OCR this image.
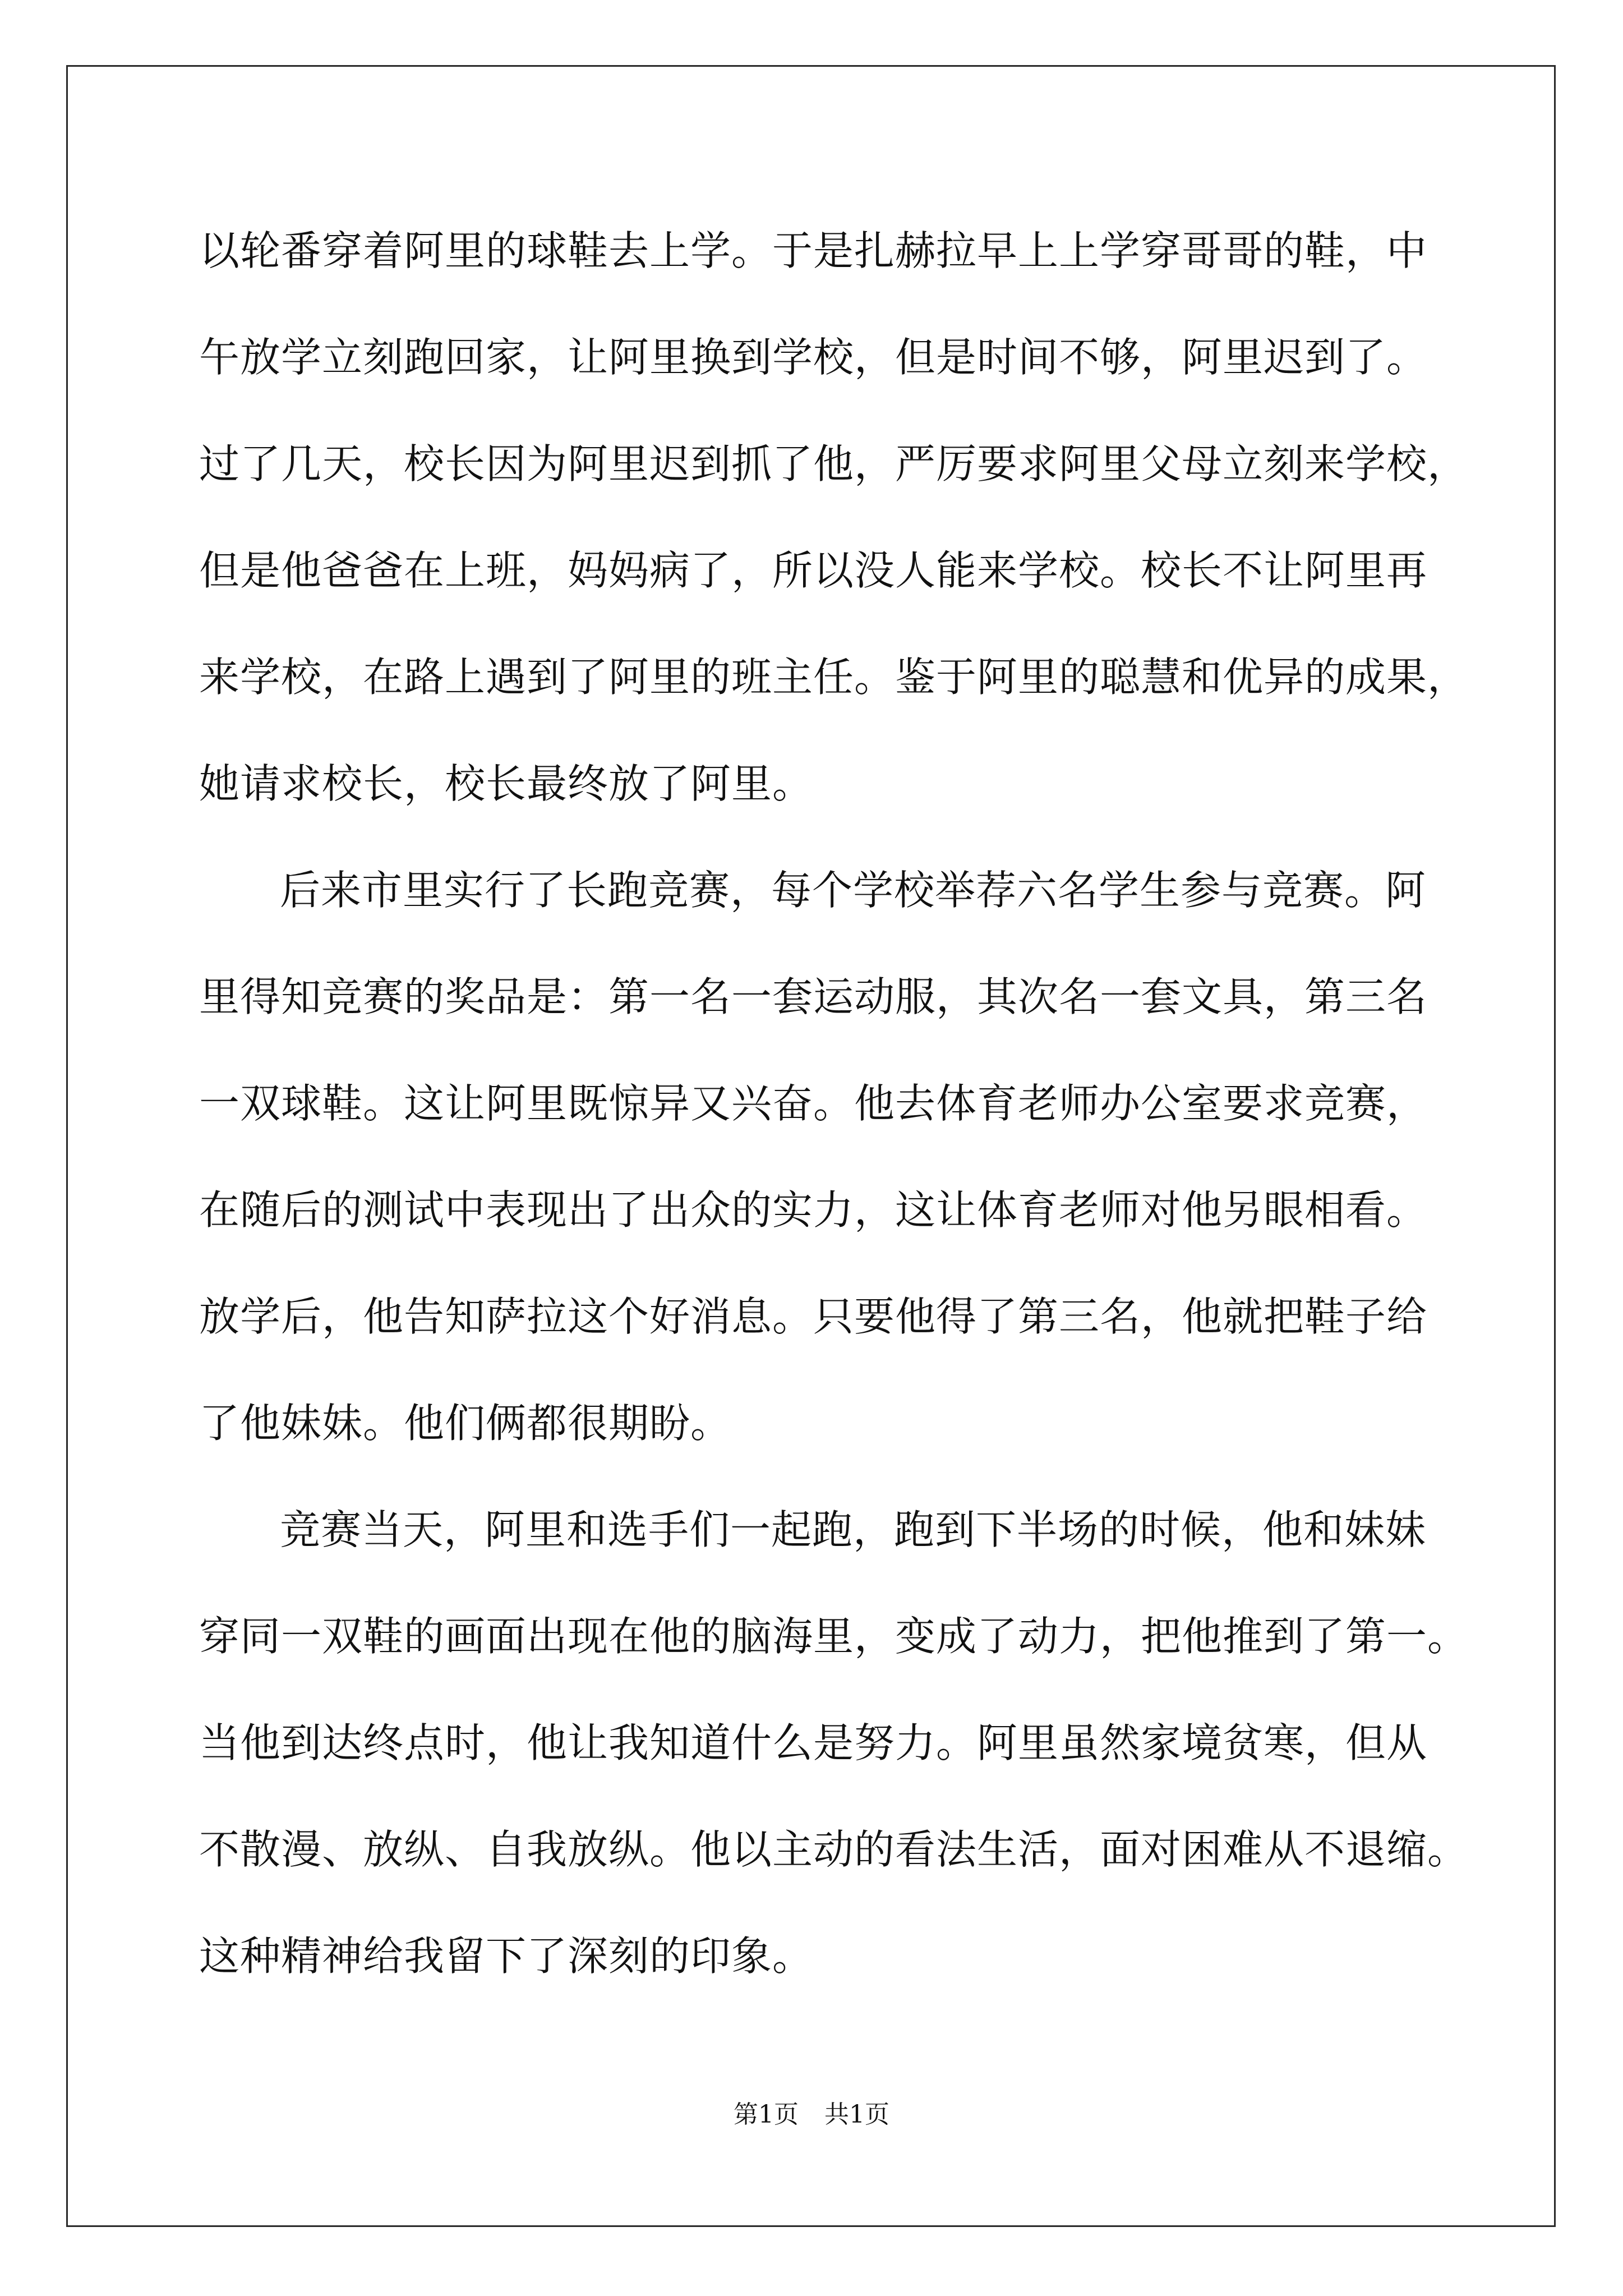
以轮番穿着阿里的球鞋去上学。于是扎赫拉早上上学穿哥哥的鞋，中
午放学立刻跑回家，让阿里换到学校，但是时间不够，阿里迟到了。
过了几天，校长因为阿里迟到抓了他，严厉要求阿里父母立刻来学校，
但是他爸爸在上班，妈妈病了，所以没人能来学校。校长不让阿里再
来学校，在路上遇到了阿里的班主任。鉴于阿里的聪慧和优异的成果，
她请求校长，校长最终放了阿里。
后来市里实行了长跑竞赛，每个学校举荐六名学生参与竞赛。阿
里得知竞赛的奖品是：第一名一套运动服，其次名一套文具，第三名
一双球鞋。这让阿里既惊异又兴奋。他去体育老师办公室要求竞赛，
在随后的测试中表现出了出众的实力，这让体育老师对他另眼相看。
放学后，他告知萨拉这个好消息。只要他得了第三名，他就把鞋子给
了他妹妹。他们俩都很期盼。
竞赛当天，阿里和选手们一起跑，跑到下半场的时候，他和妹妹
穿同一双鞋的画面出现在他的脑海里，变成了动力，把他推到了第一。
当他到达终点时，他让我知道什么是努力。阿里虽然家境贫寒，但从
不散漫、放纵、自我放纵。他以主动的看法生活，面对困难从不退缩。
这种精神给我留下了深刻的印象。
第1页 共1页
